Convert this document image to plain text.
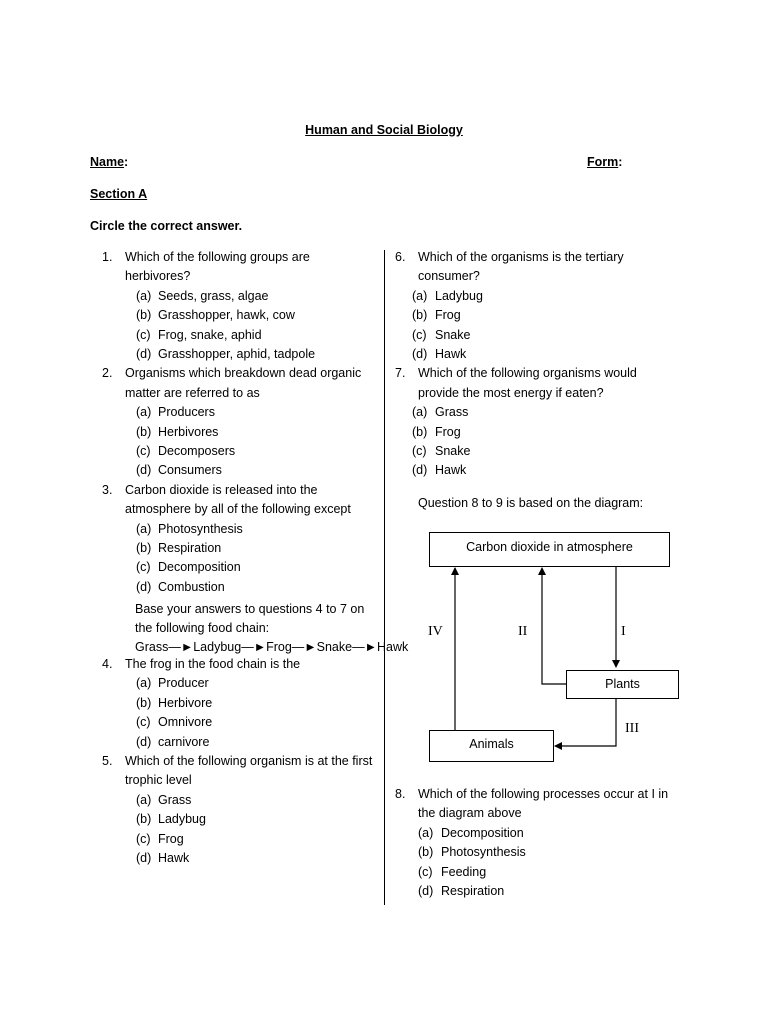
Human and Social Biology
Name:	Form:
Section A
Circle the correct answer.
1. Which of the following groups are
herbivores?
(a) Seeds, grass, algae
(b) Grasshopper, hawk, cow
(c) Frog, snake, aphid
(d) Grasshopper, aphid, tadpole
2. Organisms which breakdown dead organic
matter are referred to as
(a) Producers
(b) Herbivores
(c) Decomposers
(d) Consumers
3. Carbon dioxide is released into the
atmosphere by all of the following except
(a) Photosynthesis
(b) Respiration
(c) Decomposition
(d) Combustion
Base your answers to questions 4 to 7 on
the following food chain:
Grass—►Ladybug—►Frog—►Snake—►Hawk
4. The frog in the food chain is the
(a) Producer
(b) Herbivore
(c) Omnivore
(d) carnivore
5. Which of the following organism is at the first
trophic level
(a) Grass
(b) Ladybug
(c) Frog
(d) Hawk
6. Which of the organisms is the tertiary
consumer?
(a) Ladybug
(b) Frog
(c) Snake
(d) Hawk
7. Which of the following organisms would
provide the most energy if eaten?
(a) Grass
(b) Frog
(c) Snake
(d) Hawk
Question 8 to 9 is based on the diagram:
Carbon dioxide in atmosphere
Plants
Animals
IV	II	I
III
8. Which of the following processes occur at I in
the diagram above
(a) Decomposition
(b) Photosynthesis
(c) Feeding
(d) Respiration
